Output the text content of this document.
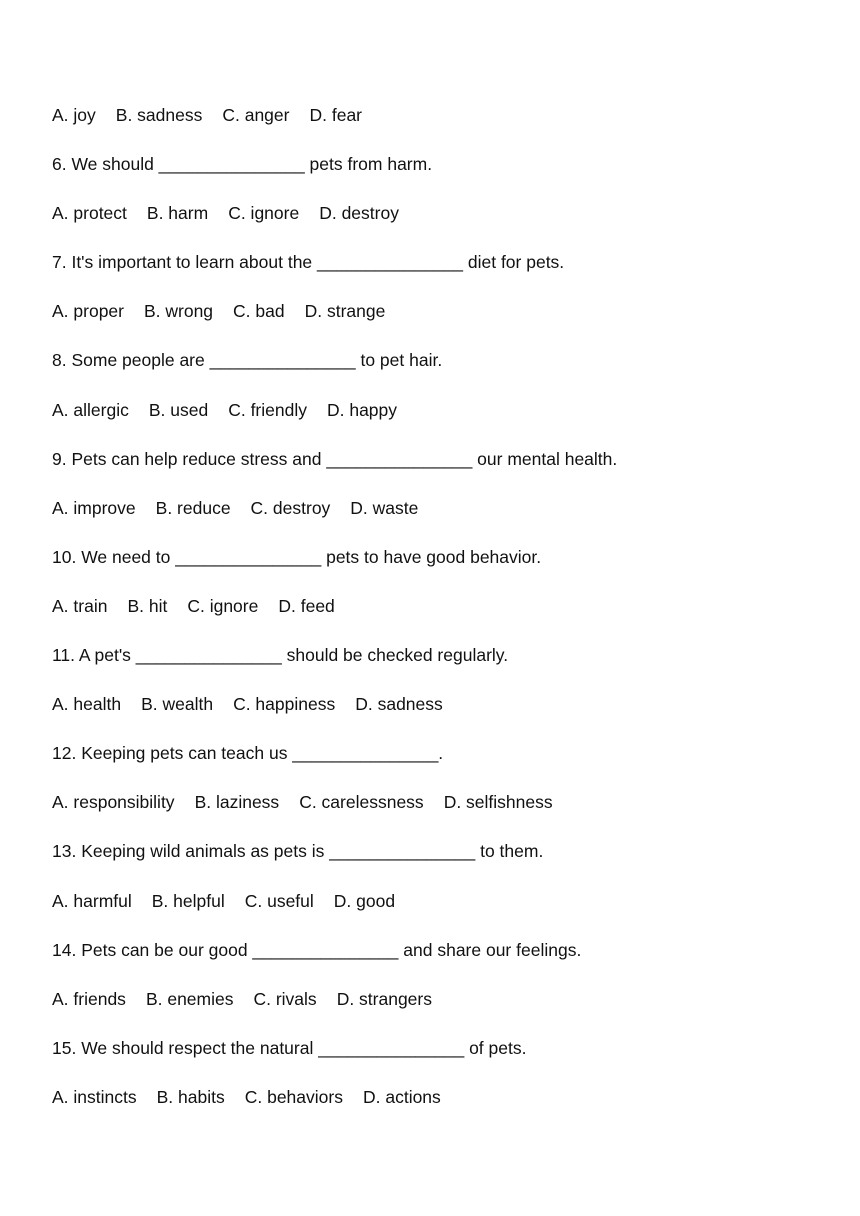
A. joy B. sadness C. anger D. fear
6. We should _______________ pets from harm.
A. protect B. harm C. ignore D. destroy
7. It's important to learn about the _______________ diet for pets.
A. proper B. wrong C. bad D. strange
8. Some people are _______________ to pet hair.
A. allergic B. used C. friendly D. happy
9. Pets can help reduce stress and _______________ our mental health.
A. improve B. reduce C. destroy D. waste
10. We need to _______________ pets to have good behavior.
A. train B. hit C. ignore D. feed
11. A pet's _______________ should be checked regularly.
A. health B. wealth C. happiness D. sadness
12. Keeping pets can teach us _______________.
A. responsibility B. laziness C. carelessness D. selfishness
13. Keeping wild animals as pets is _______________ to them.
A. harmful B. helpful C. useful D. good
14. Pets can be our good _______________ and share our feelings.
A. friends B. enemies C. rivals D. strangers
15. We should respect the natural _______________ of pets.
A. instincts B. habits C. behaviors D. actions
